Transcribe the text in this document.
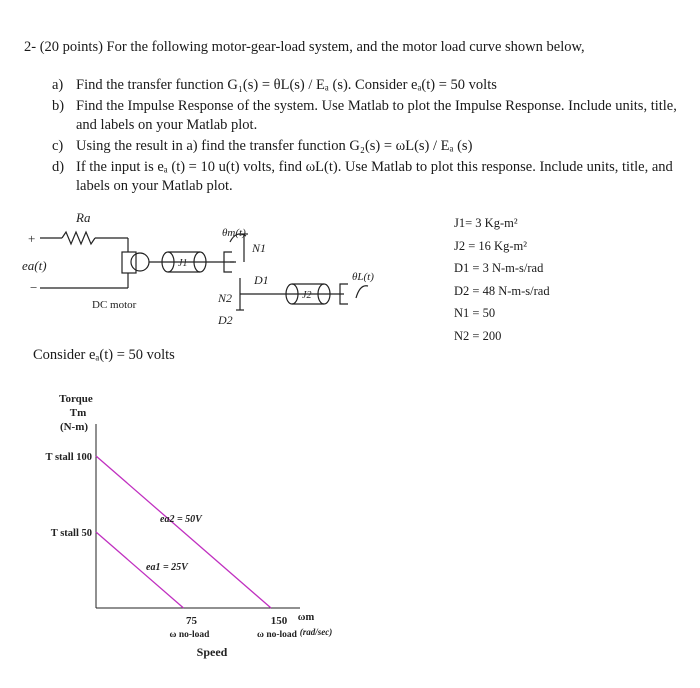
2- (20 points) For the following motor-gear-load system, and the motor load curve shown below,
a) Find the transfer function G₁(s) = θL(s) / Eₐ (s). Consider eₐ(t) = 50 volts
b) Find the Impulse Response of the system. Use Matlab to plot the Impulse Response. Include units, title, and labels on your Matlab plot.
c) Using the result in a) find the transfer function G₂(s) = ωL(s) / Eₐ (s)
d) If the input is eₐ (t) = 10 u(t) volts, find ωL(t). Use Matlab to plot this response. Include units, title, and labels on your Matlab plot.
Ra
+
−
ea(t)
DC motor
J1
J2
θm(t)
θL(t)
N1
D1
N2
D2
J1= 3 Kg-m²
J2 = 16 Kg-m²
D1 = 3 N-m-s/rad
D2 = 48 N-m-s/rad
N1 = 50
N2 = 200
Consider eₐ(t) = 50 volts
Torque
Tm
(N-m)
ea2 = 50V
ea1 = 25V
T stall 100
T stall 50
75
ω no-load
150
ω no-load
ωm
(rad/sec)
Speed
